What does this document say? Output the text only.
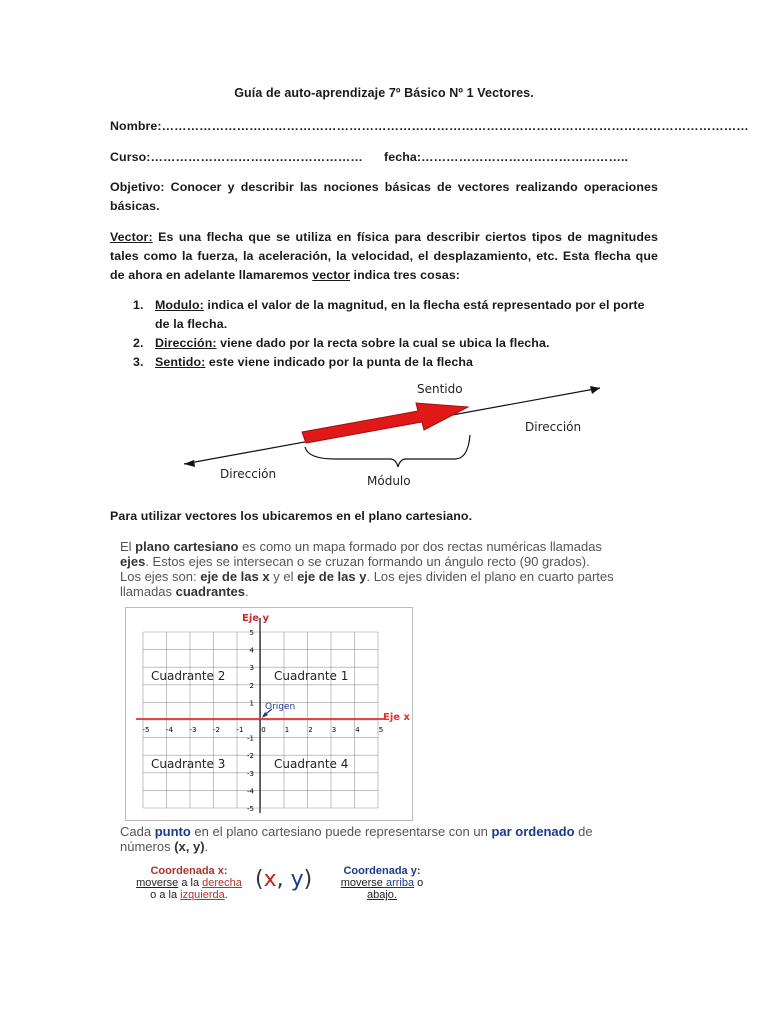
Guía de auto-aprendizaje 7º Básico Nº 1 Vectores.
Nombre:……………………………………………………………………………………………………………………………
Curso:…………………………………………… fecha:…………………………………………..
Objetivo: Conocer y describir las nociones básicas de vectores realizando operaciones básicas.
Vector: Es una flecha que se utiliza en física para describir ciertos tipos de magnitudes tales como la fuerza, la aceleración, la velocidad, el desplazamiento, etc. Esta flecha que de ahora en adelante llamaremos vector indica tres cosas:
1. Modulo: indica el valor de la magnitud, en la flecha está representado por el porte de la flecha.
2. Dirección: viene dado por la recta sobre la cual se ubica la flecha.
3. Sentido: este viene indicado por la punta de la flecha
Sentido
Dirección
Dirección	Módulo
Para utilizar vectores los ubicaremos en el plano cartesiano.
El plano cartesiano es como un mapa formado por dos rectas numéricas llamadas
ejes. Estos ejes se intersecan o se cruzan formando un ángulo recto (90 grados).
Los ejes son: eje de las x y el eje de las y. Los ejes dividen el plano en cuarto partes
llamadas cuadrantes.
-5 -4 -3 -2 -1	0	1	2	3	4	5
5
4
3
2
1
-1
-2
-3
-4
-5
Eje y
Eje x
Cuadrante 2	Cuadrante 1
Cuadrante 3	Cuadrante 4
Origen
Cada punto en el plano cartesiano puede representarse con un par ordenado de
números (x, y).
Coordenada x:
moverse a la derecha
o a la izquierda.
(x, y)	Coordenada y:
moverse arriba o
abajo.
